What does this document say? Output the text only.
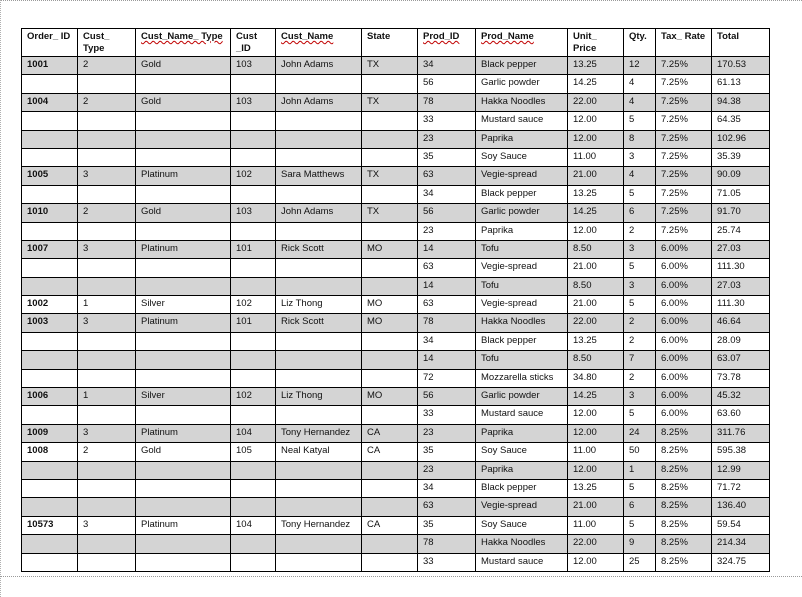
Order_ ID	Cust_ Type	Cust_Name_ Type	Cust _ID	Cust_Name	State	Prod_ID	Prod_Name	Unit_ Price	Qty.	Tax_ Rate	Total
1001	2	Gold	103	John Adams	TX	34	Black pepper	13.25	12	7.25%	170.53
						56	Garlic powder	14.25	4	7.25%	61.13
1004	2	Gold	103	John Adams	TX	78	Hakka Noodles	22.00	4	7.25%	94.38
						33	Mustard sauce	12.00	5	7.25%	64.35
						23	Paprika	12.00	8	7.25%	102.96
						35	Soy Sauce	11.00	3	7.25%	35.39
1005	3	Platinum	102	Sara Matthews	TX	63	Vegie-spread	21.00	4	7.25%	90.09
						34	Black pepper	13.25	5	7.25%	71.05
1010	2	Gold	103	John Adams	TX	56	Garlic powder	14.25	6	7.25%	91.70
						23	Paprika	12.00	2	7.25%	25.74
1007	3	Platinum	101	Rick Scott	MO	14	Tofu	8.50	3	6.00%	27.03
						63	Vegie-spread	21.00	5	6.00%	111.30
						14	Tofu	8.50	3	6.00%	27.03
1002	1	Silver	102	Liz Thong	MO	63	Vegie-spread	21.00	5	6.00%	111.30
1003	3	Platinum	101	Rick Scott	MO	78	Hakka Noodles	22.00	2	6.00%	46.64
						34	Black pepper	13.25	2	6.00%	28.09
						14	Tofu	8.50	7	6.00%	63.07
						72	Mozzarella sticks	34.80	2	6.00%	73.78
1006	1	Silver	102	Liz Thong	MO	56	Garlic powder	14.25	3	6.00%	45.32
						33	Mustard sauce	12.00	5	6.00%	63.60
1009	3	Platinum	104	Tony Hernandez	CA	23	Paprika	12.00	24	8.25%	311.76
1008	2	Gold	105	Neal Katyal	CA	35	Soy Sauce	11.00	50	8.25%	595.38
						23	Paprika	12.00	1	8.25%	12.99
						34	Black pepper	13.25	5	8.25%	71.72
						63	Vegie-spread	21.00	6	8.25%	136.40
10573	3	Platinum	104	Tony Hernandez	CA	35	Soy Sauce	11.00	5	8.25%	59.54
						78	Hakka Noodles	22.00	9	8.25%	214.34
						33	Mustard sauce	12.00	25	8.25%	324.75
